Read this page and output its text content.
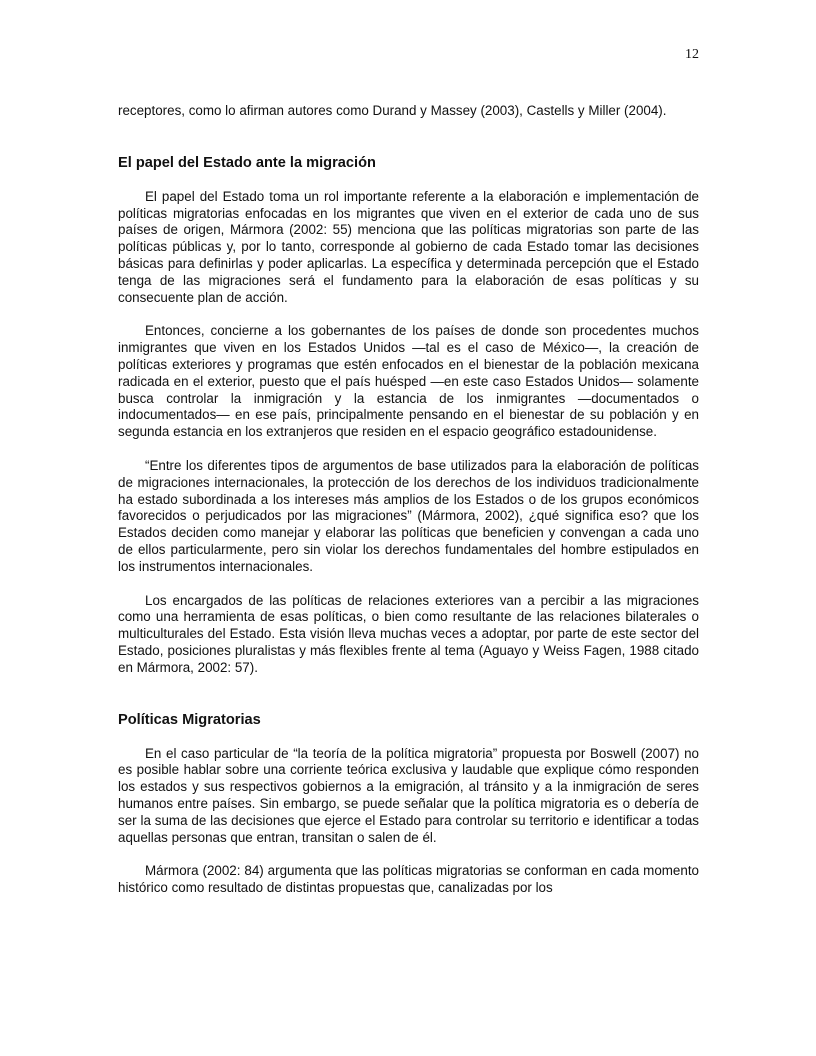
12

receptores, como lo afirman autores como Durand y Massey (2003), Castells y Miller (2004).

El papel del Estado ante la migración

El papel del Estado toma un rol importante referente a la elaboración e implementación de políticas migratorias enfocadas en los migrantes que viven en el exterior de cada uno de sus países de origen, Mármora (2002: 55) menciona que las políticas migratorias son parte de las políticas públicas y, por lo tanto, corresponde al gobierno de cada Estado tomar las decisiones básicas para definirlas y poder aplicarlas. La específica y determinada percepción que el Estado tenga de las migraciones será el fundamento para la elaboración de esas políticas y su consecuente plan de acción.

Entonces, concierne a los gobernantes de los países de donde son procedentes muchos inmigrantes que viven en los Estados Unidos —tal es el caso de México—, la creación de políticas exteriores y programas que estén enfocados en el bienestar de la población mexicana radicada en el exterior, puesto que el país huésped —en este caso Estados Unidos— solamente busca controlar la inmigración y la estancia de los inmigrantes —documentados o indocumentados— en ese país, principalmente pensando en el bienestar de su población y en segunda estancia en los extranjeros que residen en el espacio geográfico estadounidense.

“Entre los diferentes tipos de argumentos de base utilizados para la elaboración de políticas de migraciones internacionales, la protección de los derechos de los individuos tradicionalmente ha estado subordinada a los intereses más amplios de los Estados o de los grupos económicos favorecidos o perjudicados por las migraciones” (Mármora, 2002), ¿qué significa eso? que los Estados deciden como manejar y elaborar las políticas que beneficien y convengan a cada uno de ellos particularmente, pero sin violar los derechos fundamentales del hombre estipulados en los instrumentos internacionales.

Los encargados de las políticas de relaciones exteriores van a percibir a las migraciones como una herramienta de esas políticas, o bien como resultante de las relaciones bilaterales o multiculturales del Estado. Esta visión lleva muchas veces a adoptar, por parte de este sector del Estado, posiciones pluralistas y más flexibles frente al tema (Aguayo y Weiss Fagen, 1988 citado en Mármora, 2002: 57).

Políticas Migratorias

En el caso particular de “la teoría de la política migratoria” propuesta por Boswell (2007) no es posible hablar sobre una corriente teórica exclusiva y laudable que explique cómo responden los estados y sus respectivos gobiernos a la emigración, al tránsito y a la inmigración de seres humanos entre países. Sin embargo, se puede señalar que la política migratoria es o debería de ser la suma de las decisiones que ejerce el Estado para controlar su territorio e identificar a todas aquellas personas que entran, transitan o salen de él.

Mármora (2002: 84) argumenta que las políticas migratorias se conforman en cada momento histórico como resultado de distintas propuestas que, canalizadas por los
